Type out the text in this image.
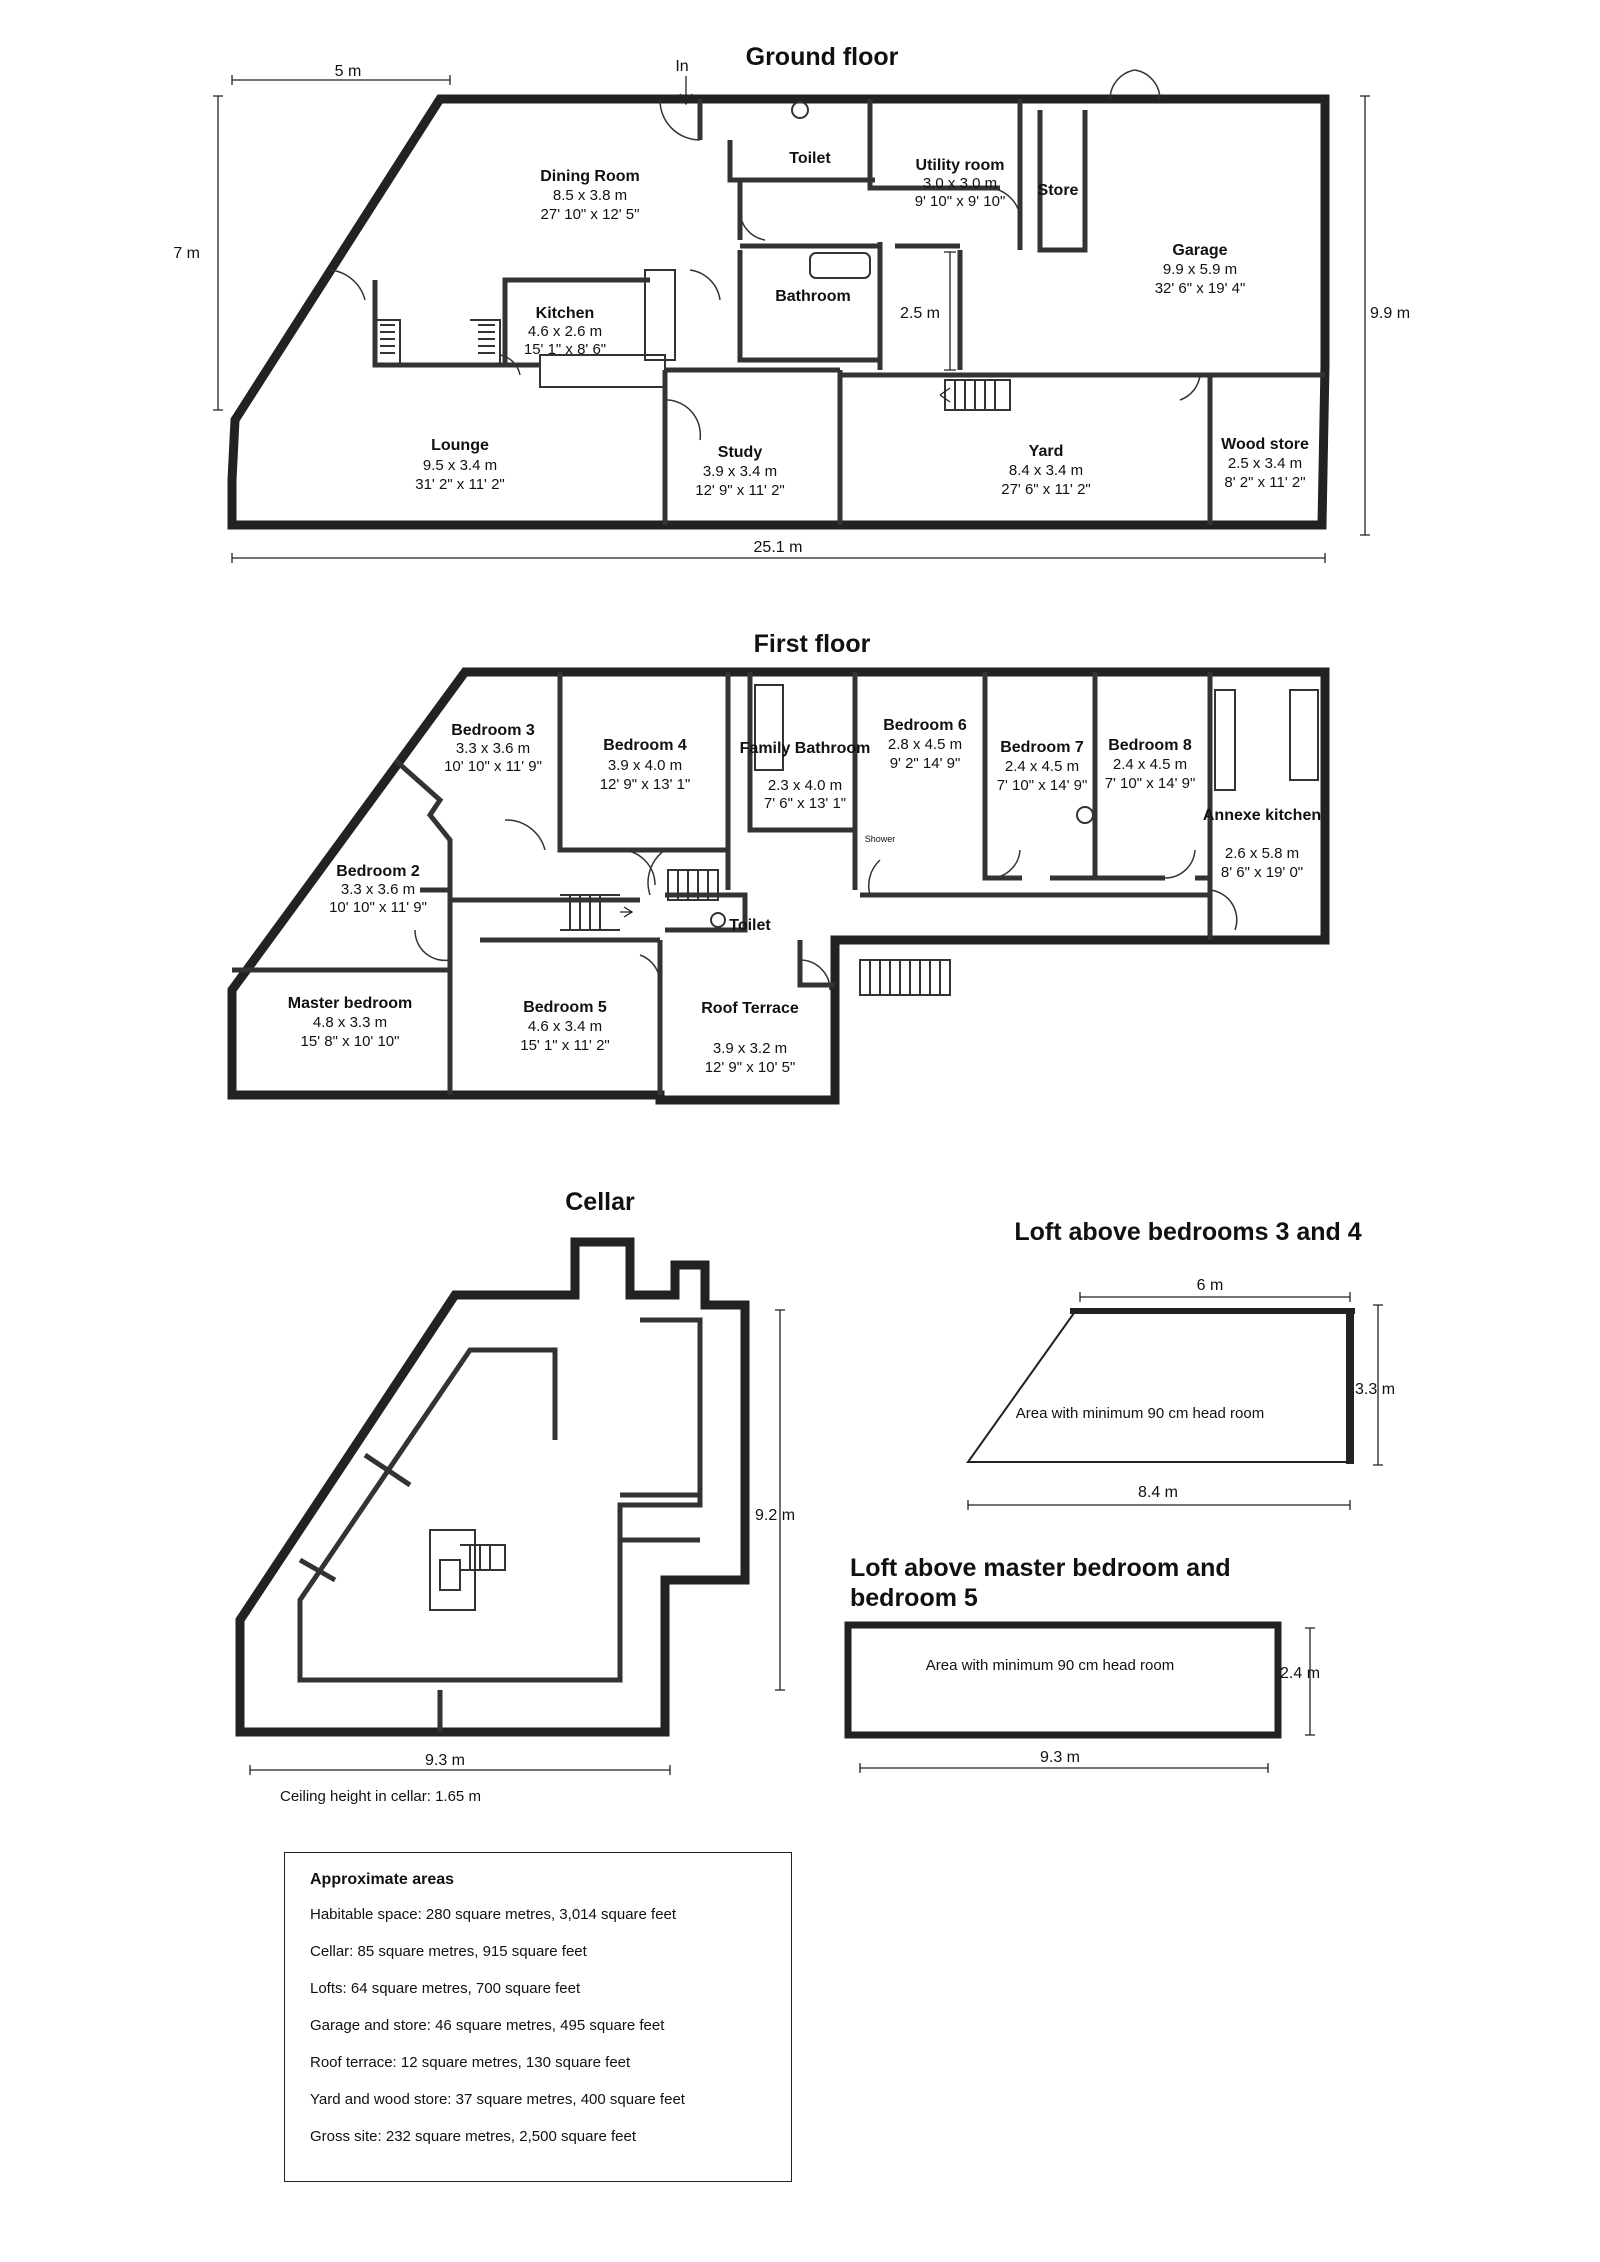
Ground floor
In
5 m
7 m
9.9 m
25.1 m
2.5 m
Dining Room
8.5 x 3.8 m
27' 10" x 12' 5"
Toilet	Utility room
3.0 x 3.0 m
9' 10" x 9' 10"
Store
Garage
9.9 x 5.9 m
32' 6" x 19' 4"
Kitchen
4.6 x 2.6 m
15' 1" x 8' 6"
Bathroom
Lounge
9.5 x 3.4 m
31' 2" x 11' 2"
Study
3.9 x 3.4 m
12' 9" x 11' 2"
Yard
8.4 x 3.4 m
27' 6" x 11' 2"
Wood store
2.5 x 3.4 m
8' 2" x 11' 2"
First floor
Bedroom 3
3.3 x 3.6 m
10' 10" x 11' 9"
Bedroom 4
3.9 x 4.0 m
12' 9" x 13' 1"
Family Bathroom
2.3 x 4.0 m
7' 6" x 13' 1"
Bedroom 6
2.8 x 4.5 m
9' 2" 14' 9"
Bedroom 7
2.4 x 4.5 m
7' 10" x 14' 9"
Bedroom 8
2.4 x 4.5 m
7' 10" x 14' 9"
Annexe kitchen
2.6 x 5.8 m
8' 6" x 19' 0"
Bedroom 2
3.3 x 3.6 m
10' 10" x 11' 9"
Toilet
Master bedroom
4.8 x 3.3 m
15' 8" x 10' 10"
Bedroom 5
4.6 x 3.4 m
15' 1" x 11' 2"
Roof Terrace
3.9 x 3.2 m
12' 9" x 10' 5"
Shower
Cellar
9.2 m
9.3 m
Ceiling height in cellar: 1.65 m
Loft above bedrooms 3 and 4
6 m
3.3 m
Area with minimum 90 cm head room
8.4 m
Loft above master bedroom and
bedroom 5
Area with minimum 90 cm head room	2.4 m
9.3 m
Approximate areas
Habitable space: 280 square metres, 3,014 square feet
Cellar: 85 square metres, 915 square feet
Lofts: 64 square metres, 700 square feet
Garage and store: 46 square metres, 495 square feet
Roof terrace: 12 square metres, 130 square feet
Yard and wood store: 37 square metres, 400 square feet
Gross site: 232 square metres, 2,500 square feet
